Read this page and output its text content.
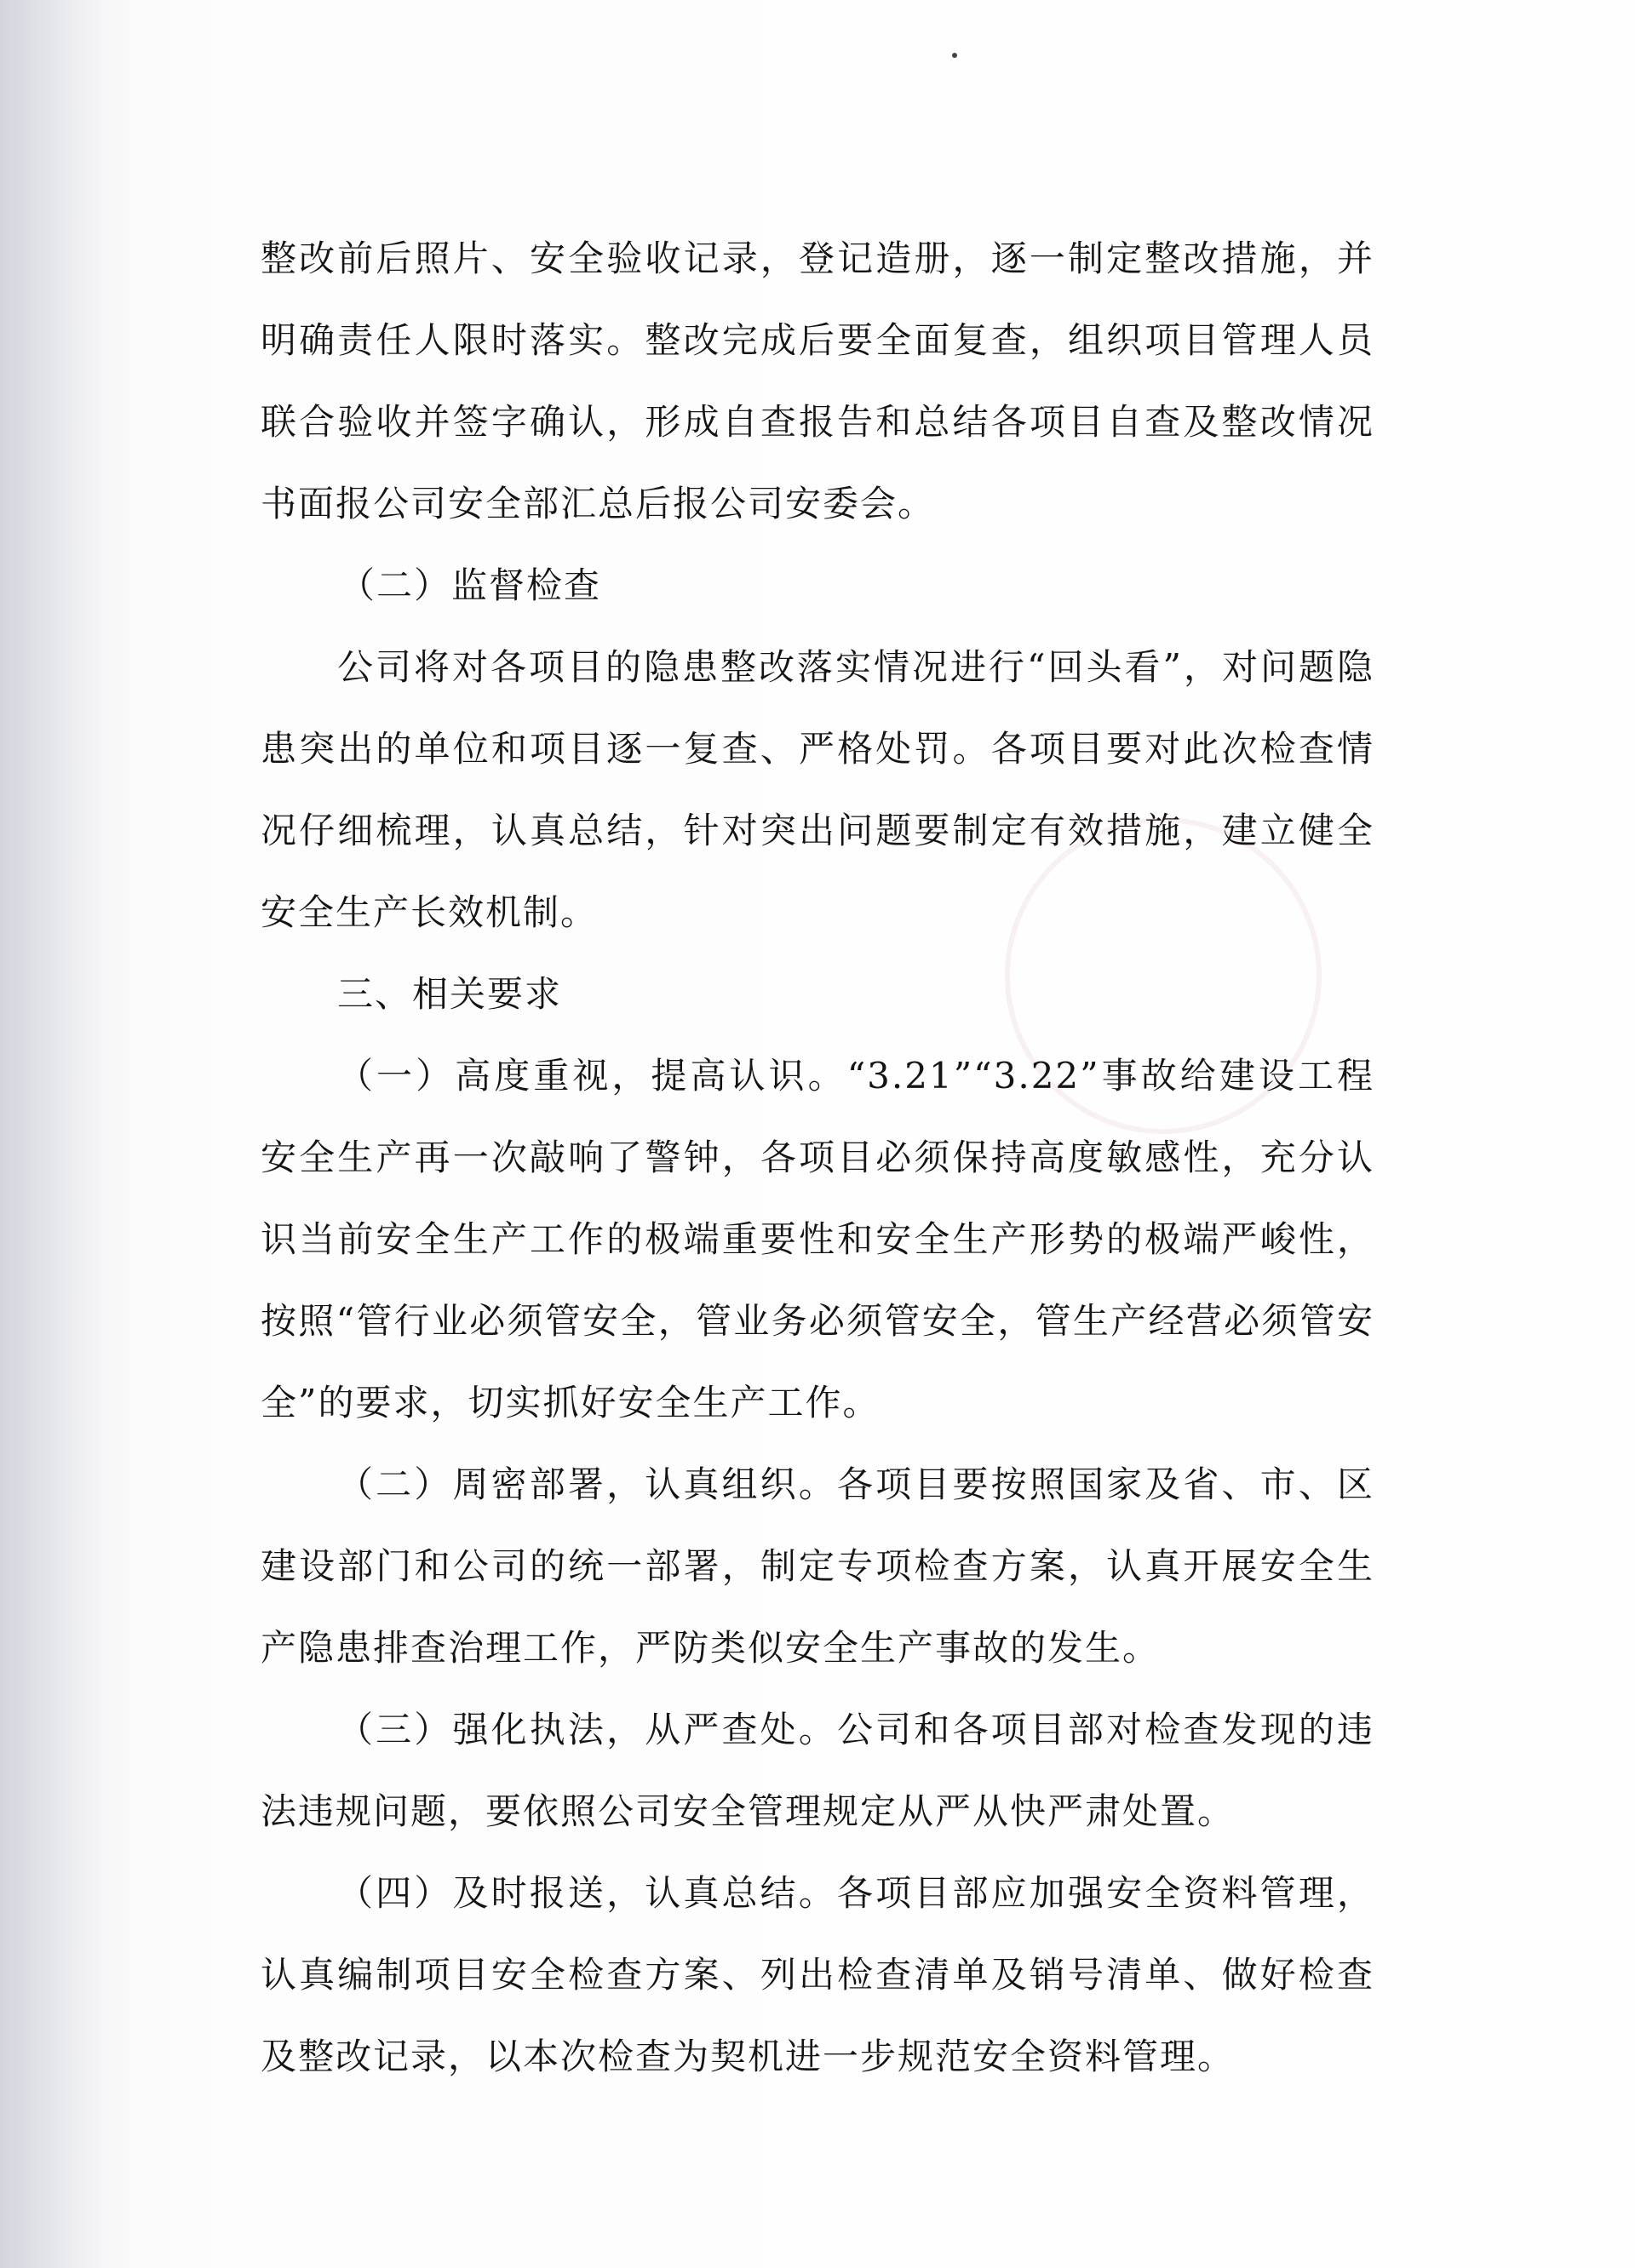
整改前后照片、安全验收记录，登记造册，逐一制定整改措施，并明确责任人限时落实。整改完成后要全面复查，组织项目管理人员联合验收并签字确认，形成自查报告和总结各项目自查及整改情况书面报公司安全部汇总后报公司安委会。

（二）监督检查

公司将对各项目的隐患整改落实情况进行“回头看”，对问题隐患突出的单位和项目逐一复查、严格处罚。各项目要对此次检查情况仔细梳理，认真总结，针对突出问题要制定有效措施，建立健全安全生产长效机制。

三、相关要求

（一）高度重视，提高认识。“3.21”“3.22”事故给建设工程安全生产再一次敲响了警钟，各项目必须保持高度敏感性，充分认识当前安全生产工作的极端重要性和安全生产形势的极端严峻性，按照“管行业必须管安全，管业务必须管安全，管生产经营必须管安全”的要求，切实抓好安全生产工作。

（二）周密部署，认真组织。各项目要按照国家及省、市、区建设部门和公司的统一部署，制定专项检查方案，认真开展安全生产隐患排查治理工作，严防类似安全生产事故的发生。

（三）强化执法，从严查处。公司和各项目部对检查发现的违法违规问题，要依照公司安全管理规定从严从快严肃处置。

（四）及时报送，认真总结。各项目部应加强安全资料管理，认真编制项目安全检查方案、列出检查清单及销号清单、做好检查及整改记录，以本次检查为契机进一步规范安全资料管理。
